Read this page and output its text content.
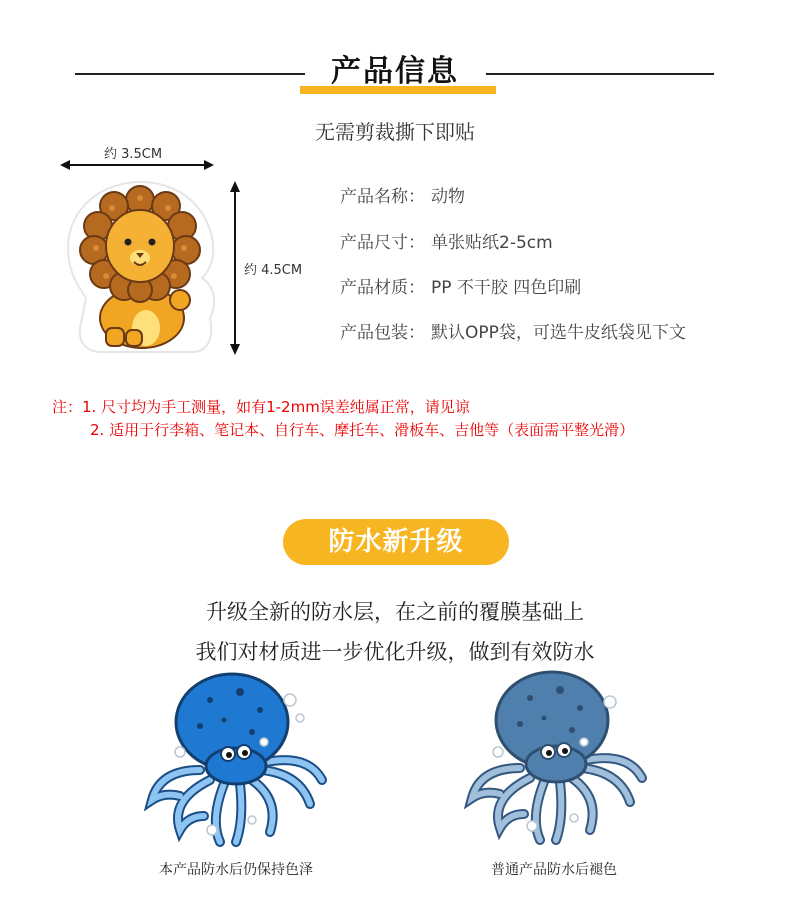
产品信息
无需剪裁撕下即贴
约 3.5CM
约 4.5CM
产品名称： 动物
产品尺寸： 单张贴纸2-5cm
产品材质： PP 不干胶 四色印刷
产品包装： 默认OPP袋，可选牛皮纸袋见下文
注：1. 尺寸均为手工测量，如有1-2mm误差纯属正常，请见谅
2. 适用于行李箱、笔记本、自行车、摩托车、滑板车、吉他等（表面需平整光滑）
防水新升级
升级全新的防水层，在之前的覆膜基础上
我们对材质进一步优化升级，做到有效防水
本产品防水后仍保持色泽	普通产品防水后褪色
